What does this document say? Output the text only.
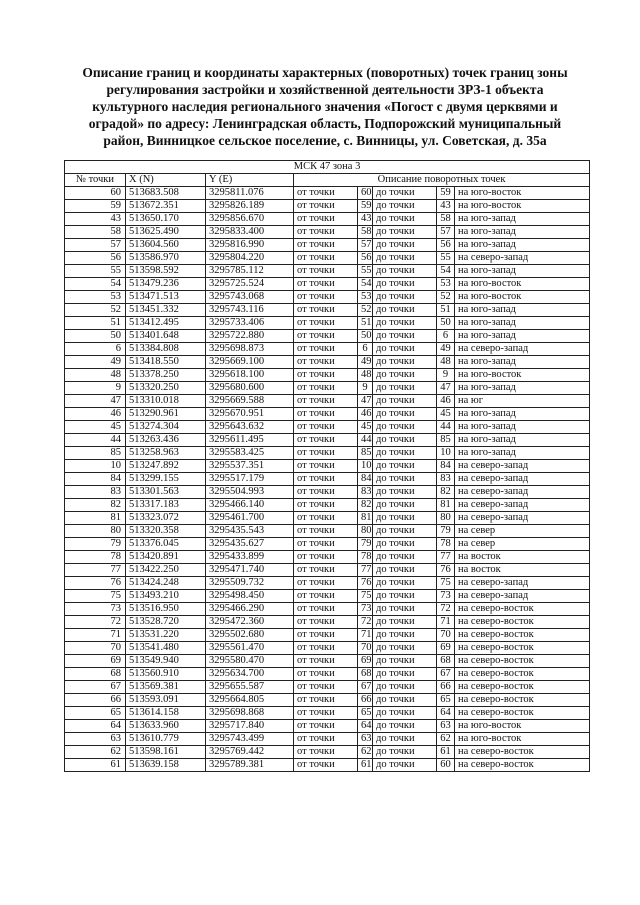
Описание границ и координаты характерных (поворотных) точек границ зоны
регулирования застройки и хозяйственной деятельности ЗРЗ-1 объекта
культурного наследия регионального значения «Погост с двумя церквями и
оградой» по адресу: Ленинградская область, Подпорожский муниципальный
район, Винницкое сельское поселение, с. Винницы, ул. Советская, д. 35а
МСК 47 зона 3							
№ точки	X (N)	Y (E)	Описание поворотных точек				
60	513683.508	3295811.076	от точки	60	до точки	59	на юго-восток
59	513672.351	3295826.189	от точки	59	до точки	43	на юго-восток
43	513650.170	3295856.670	от точки	43	до точки	58	на юго-запад
58	513625.490	3295833.400	от точки	58	до точки	57	на юго-запад
57	513604.560	3295816.990	от точки	57	до точки	56	на юго-запад
56	513586.970	3295804.220	от точки	56	до точки	55	на северо-запад
55	513598.592	3295785.112	от точки	55	до точки	54	на юго-запад
54	513479.236	3295725.524	от точки	54	до точки	53	на юго-восток
53	513471.513	3295743.068	от точки	53	до точки	52	на юго-восток
52	513451.332	3295743.116	от точки	52	до точки	51	на юго-запад
51	513412.495	3295733.406	от точки	51	до точки	50	на юго-запад
50	513401.648	3295722.880	от точки	50	до точки	6	на юго-запад
6	513384.808	3295698.873	от точки	6	до точки	49	на северо-запад
49	513418.550	3295669.100	от точки	49	до точки	48	на юго-запад
48	513378.250	3295618.100	от точки	48	до точки	9	на юго-восток
9	513320.250	3295680.600	от точки	9	до точки	47	на юго-запад
47	513310.018	3295669.588	от точки	47	до точки	46	на юг
46	513290.961	3295670.951	от точки	46	до точки	45	на юго-запад
45	513274.304	3295643.632	от точки	45	до точки	44	на юго-запад
44	513263.436	3295611.495	от точки	44	до точки	85	на юго-запад
85	513258.963	3295583.425	от точки	85	до точки	10	на юго-запад
10	513247.892	3295537.351	от точки	10	до точки	84	на северо-запад
84	513299.155	3295517.179	от точки	84	до точки	83	на северо-запад
83	513301.563	3295504.993	от точки	83	до точки	82	на северо-запад
82	513317.183	3295466.140	от точки	82	до точки	81	на северо-запад
81	513323.072	3295461.700	от точки	81	до точки	80	на северо-запад
80	513320.358	3295435.543	от точки	80	до точки	79	на север
79	513376.045	3295435.627	от точки	79	до точки	78	на север
78	513420.891	3295433.899	от точки	78	до точки	77	на восток
77	513422.250	3295471.740	от точки	77	до точки	76	на восток
76	513424.248	3295509.732	от точки	76	до точки	75	на северо-запад
75	513493.210	3295498.450	от точки	75	до точки	73	на северо-запад
73	513516.950	3295466.290	от точки	73	до точки	72	на северо-восток
72	513528.720	3295472.360	от точки	72	до точки	71	на северо-восток
71	513531.220	3295502.680	от точки	71	до точки	70	на северо-восток
70	513541.480	3295561.470	от точки	70	до точки	69	на северо-восток
69	513549.940	3295580.470	от точки	69	до точки	68	на северо-восток
68	513560.910	3295634.700	от точки	68	до точки	67	на северо-восток
67	513569.381	3295655.587	от точки	67	до точки	66	на северо-восток
66	513593.091	3295664.805	от точки	66	до точки	65	на северо-восток
65	513614.158	3295698.868	от точки	65	до точки	64	на северо-восток
64	513633.960	3295717.840	от точки	64	до точки	63	на юго-восток
63	513610.779	3295743.499	от точки	63	до точки	62	на юго-восток
62	513598.161	3295769.442	от точки	62	до точки	61	на северо-восток
61	513639.158	3295789.381	от точки	61	до точки	60	на северо-восток
